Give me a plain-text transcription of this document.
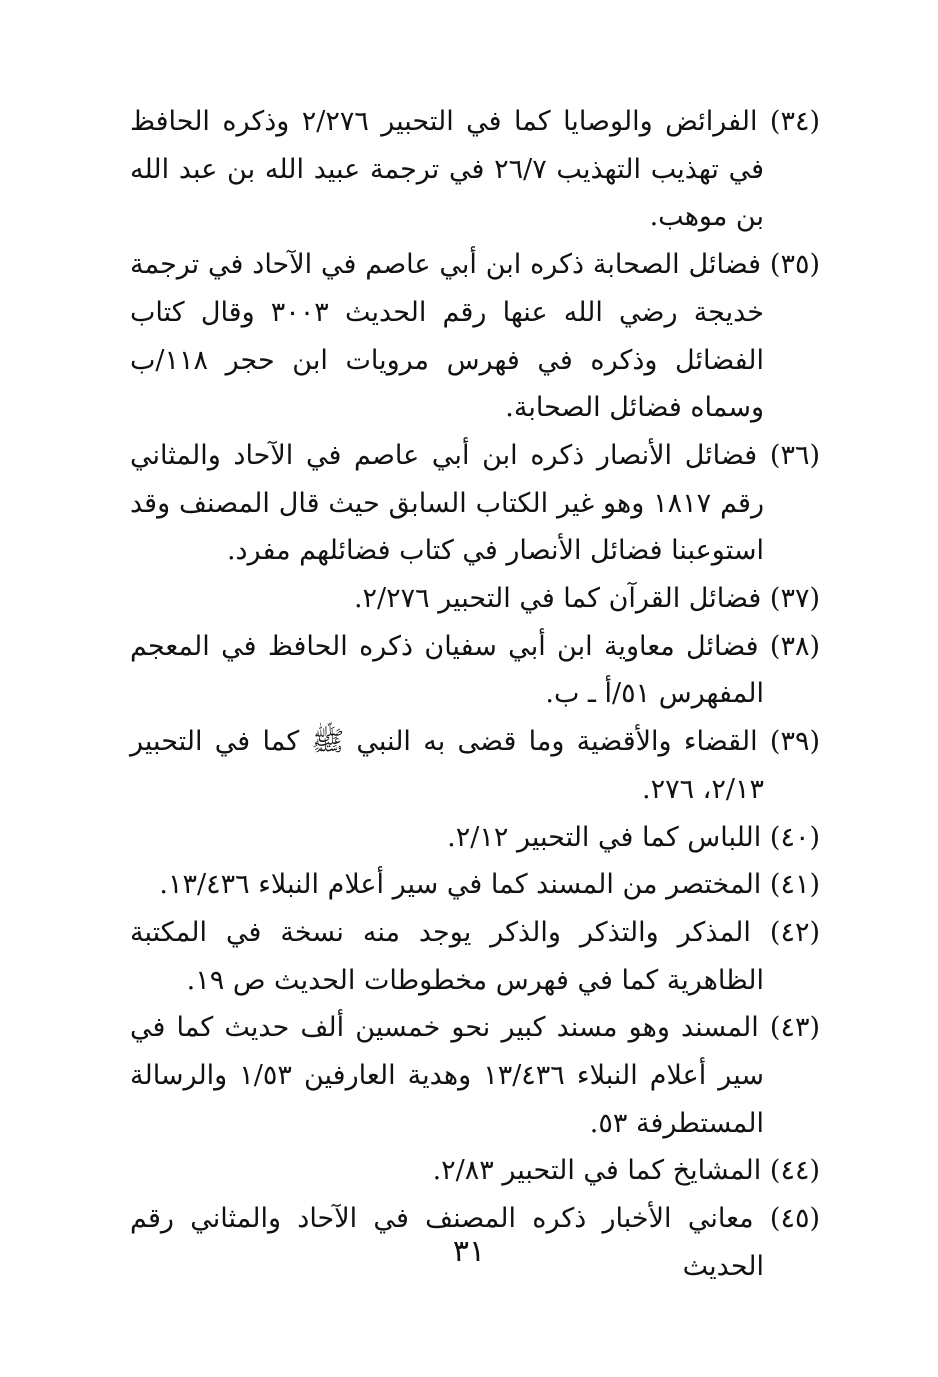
(٣٤) الفرائض والوصايا كما في التحبير ٢/٢٧٦ وذكره الحافظ في تهذيب التهذيب ٢٦/٧ في ترجمة عبيد الله بن عبد الله بن موهب.

(٣٥) فضائل الصحابة ذكره ابن أبي عاصم في الآحاد في ترجمة خديجة رضي الله عنها رقم الحديث ٣٠٠٣ وقال كتاب الفضائل وذكره في فهرس مرويات ابن حجر ١١٨/ب وسماه فضائل الصحابة.

(٣٦) فضائل الأنصار ذكره ابن أبي عاصم في الآحاد والمثاني رقم ١٨١٧ وهو غير الكتاب السابق حيث قال المصنف وقد استوعبنا فضائل الأنصار في كتاب فضائلهم مفرد.

(٣٧) فضائل القرآن كما في التحبير ٢/٢٧٦.

(٣٨) فضائل معاوية ابن أبي سفيان ذكره الحافظ في المعجم المفهرس ٥١/أ ـ ب.

(٣٩) القضاء والأقضية وما قضى به النبي ﷺ كما في التحبير ٢/١٣، ٢٧٦.

(٤٠) اللباس كما في التحبير ٢/١٢.

(٤١) المختصر من المسند كما في سير أعلام النبلاء ١٣/٤٣٦.

(٤٢) المذكر والتذكر والذكر يوجد منه نسخة في المكتبة الظاهرية كما في فهرس مخطوطات الحديث ص ١٩.

(٤٣) المسند وهو مسند كبير نحو خمسين ألف حديث كما في سير أعلام النبلاء ١٣/٤٣٦ وهدية العارفين ١/٥٣ والرسالة المستطرفة ٥٣.

(٤٤) المشايخ كما في التحبير ٢/٨٣.

(٤٥) معاني الأخبار ذكره المصنف في الآحاد والمثاني رقم الحديث

٣١
